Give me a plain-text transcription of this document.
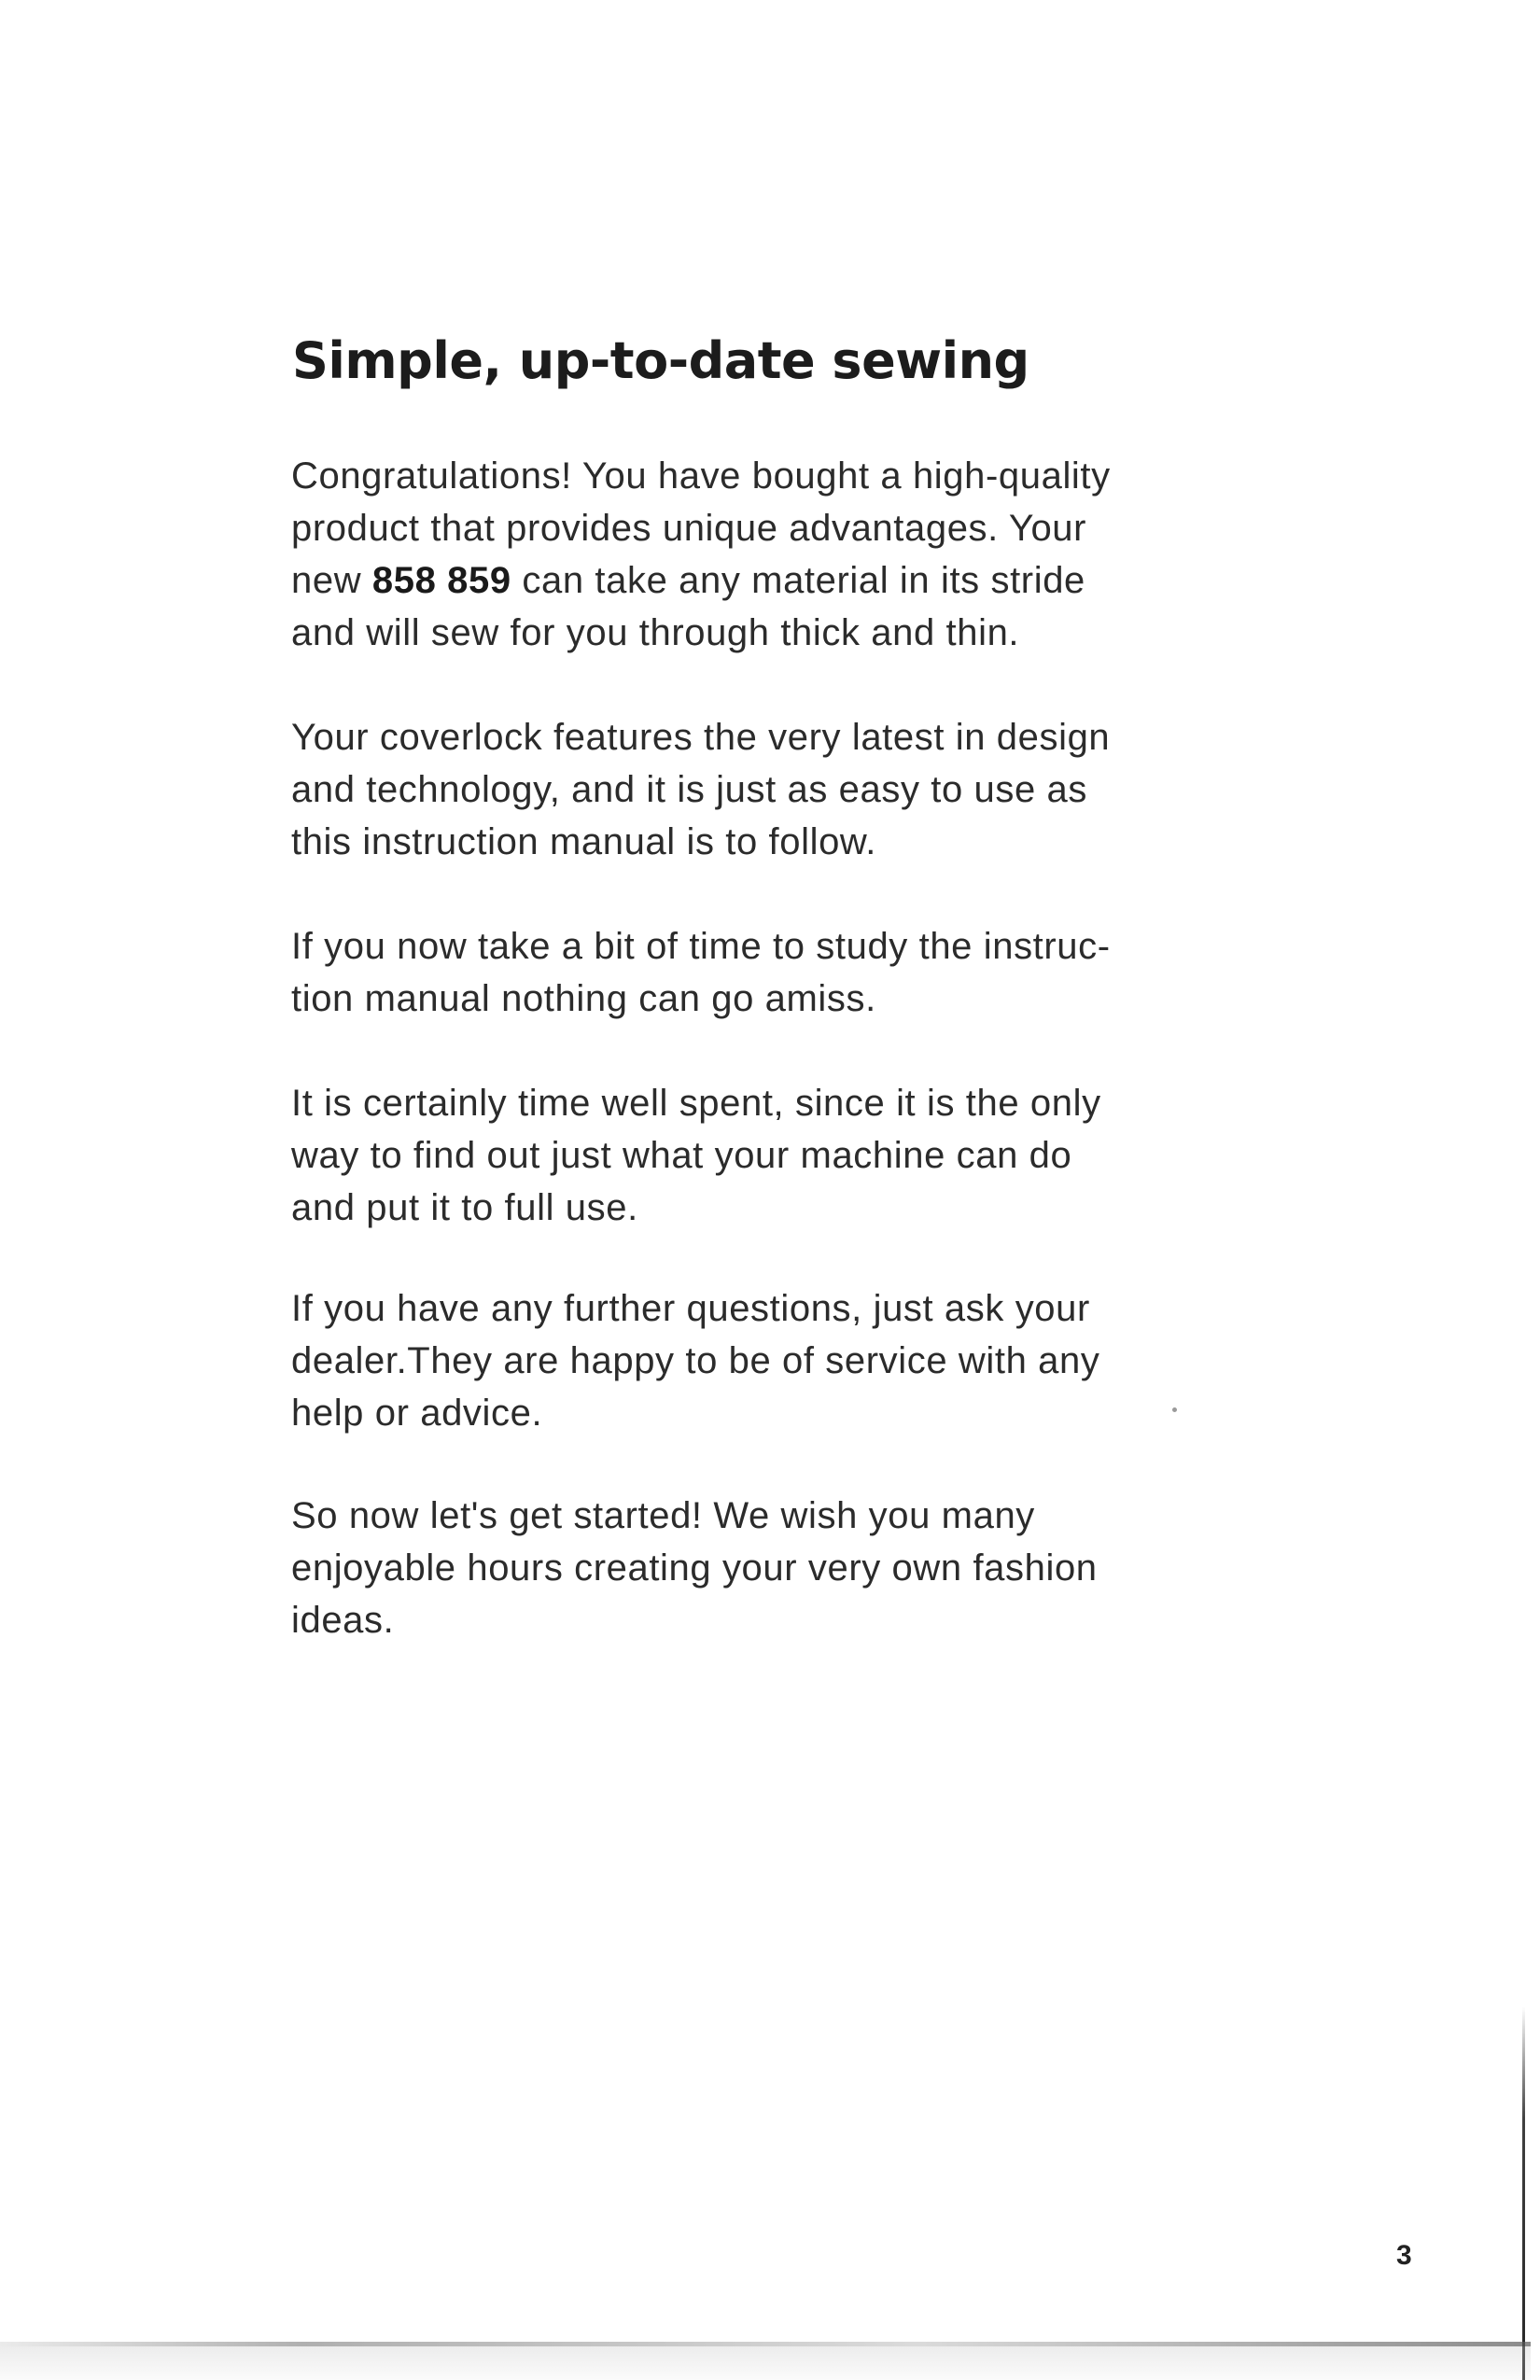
Simple, up-to-date sewing

Congratulations! You have bought a high-quality
product that provides unique advantages. Your
new 858 859 can take any material in its stride
and will sew for you through thick and thin.

Your coverlock features the very latest in design
and technology, and it is just as easy to use as
this instruction manual is to follow.

If you now take a bit of time to study the instruc-
tion manual nothing can go amiss.

It is certainly time well spent, since it is the only
way to find out just what your machine can do
and put it to full use.

If you have any further questions, just ask your
dealer.They are happy to be of service with any
help or advice.

So now let's get started! We wish you many
enjoyable hours creating your very own fashion
ideas.

3
